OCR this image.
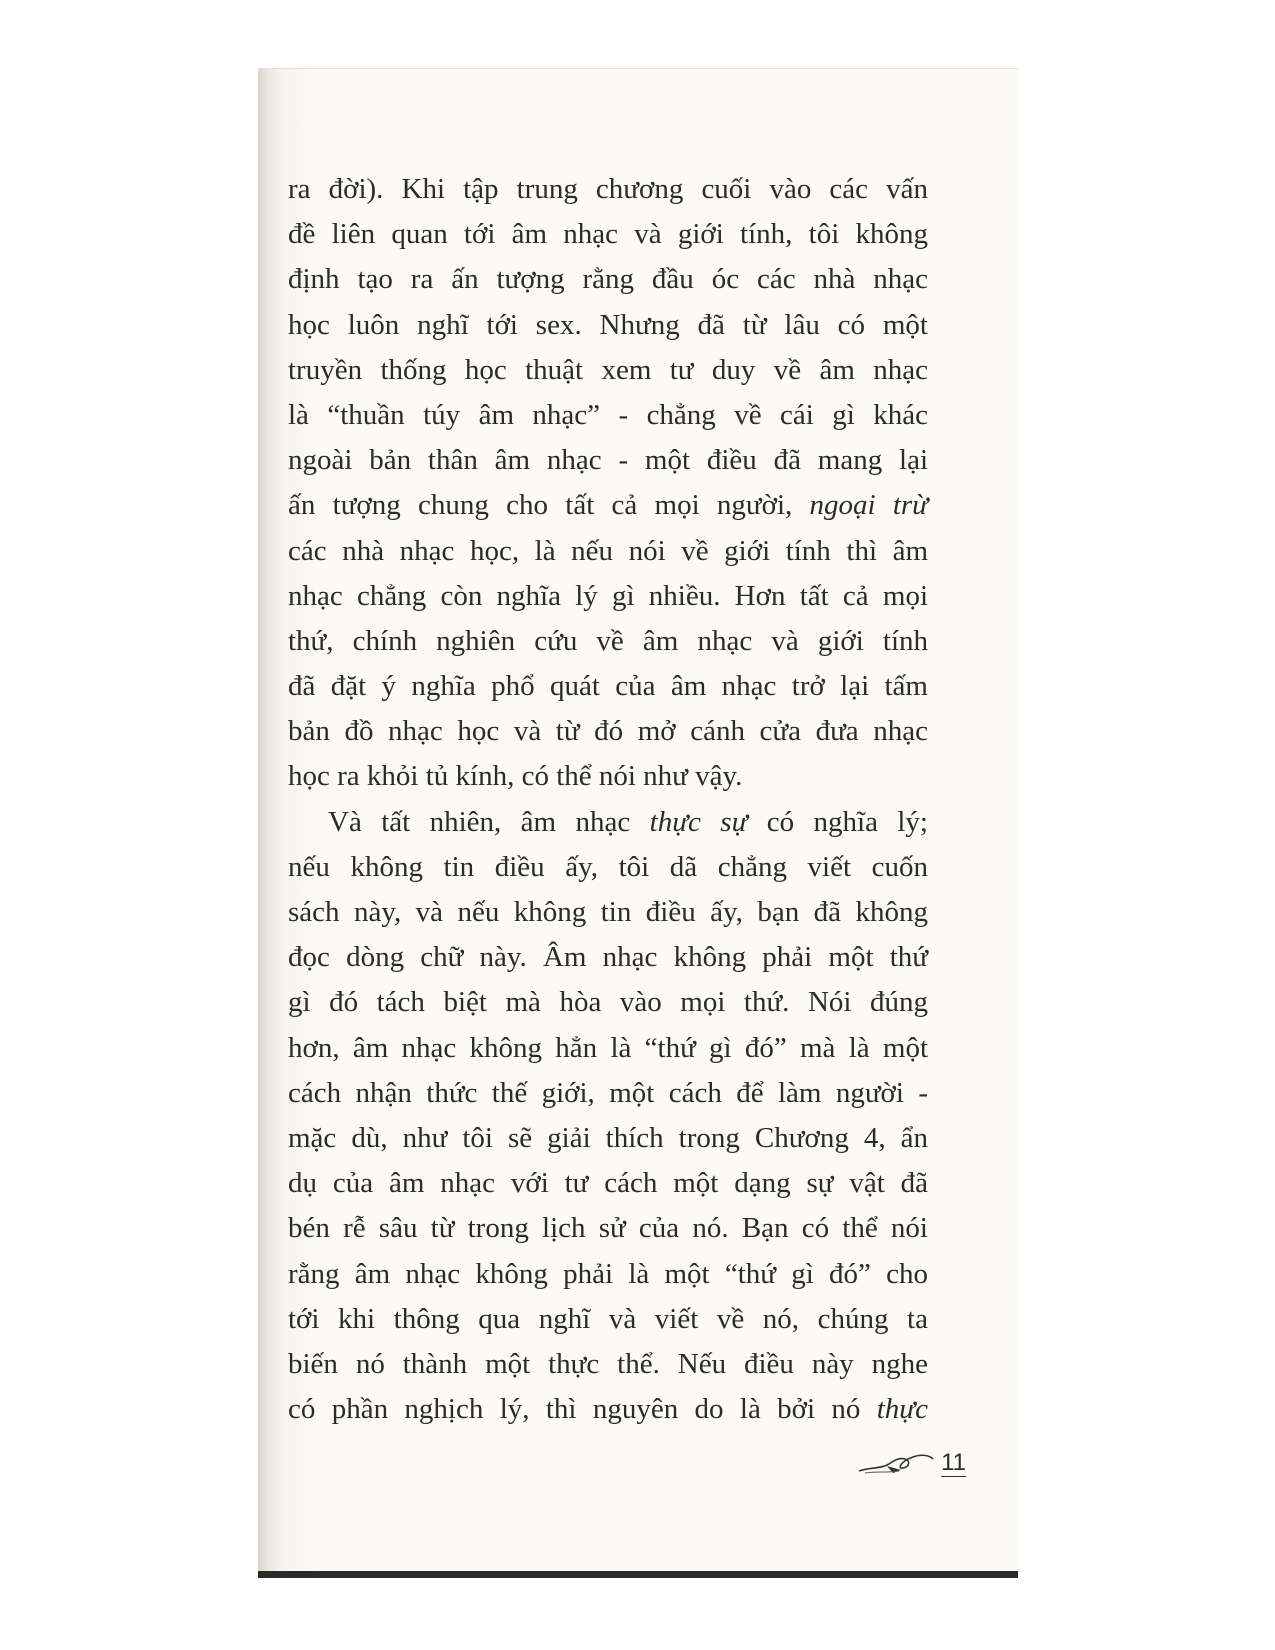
ra đời). Khi tập trung chương cuối vào các vấn
đề liên quan tới âm nhạc và giới tính, tôi không
định tạo ra ấn tượng rằng đầu óc các nhà nhạc
học luôn nghĩ tới sex. Nhưng đã từ lâu có một
truyền thống học thuật xem tư duy về âm nhạc
là “thuần túy âm nhạc” - chẳng về cái gì khác
ngoài bản thân âm nhạc - một điều đã mang lại
ấn tượng chung cho tất cả mọi người, ngoại trừ
các nhà nhạc học, là nếu nói về giới tính thì âm
nhạc chẳng còn nghĩa lý gì nhiều. Hơn tất cả mọi
thứ, chính nghiên cứu về âm nhạc và giới tính
đã đặt ý nghĩa phổ quát của âm nhạc trở lại tấm
bản đồ nhạc học và từ đó mở cánh cửa đưa nhạc
học ra khỏi tủ kính, có thể nói như vậy.
Và tất nhiên, âm nhạc thực sự có nghĩa lý;
nếu không tin điều ấy, tôi dã chẳng viết cuốn
sách này, và nếu không tin điều ấy, bạn đã không
đọc dòng chữ này. Âm nhạc không phải một thứ
gì đó tách biệt mà hòa vào mọi thứ. Nói đúng
hơn, âm nhạc không hẳn là “thứ gì đó” mà là một
cách nhận thức thế giới, một cách để làm người -
mặc dù, như tôi sẽ giải thích trong Chương 4, ẩn
dụ của âm nhạc với tư cách một dạng sự vật đã
bén rễ sâu từ trong lịch sử của nó. Bạn có thể nói
rằng âm nhạc không phải là một “thứ gì đó” cho
tới khi thông qua nghĩ và viết về nó, chúng ta
biến nó thành một thực thể. Nếu điều này nghe
có phần nghịch lý, thì nguyên do là bởi nó thực
11
